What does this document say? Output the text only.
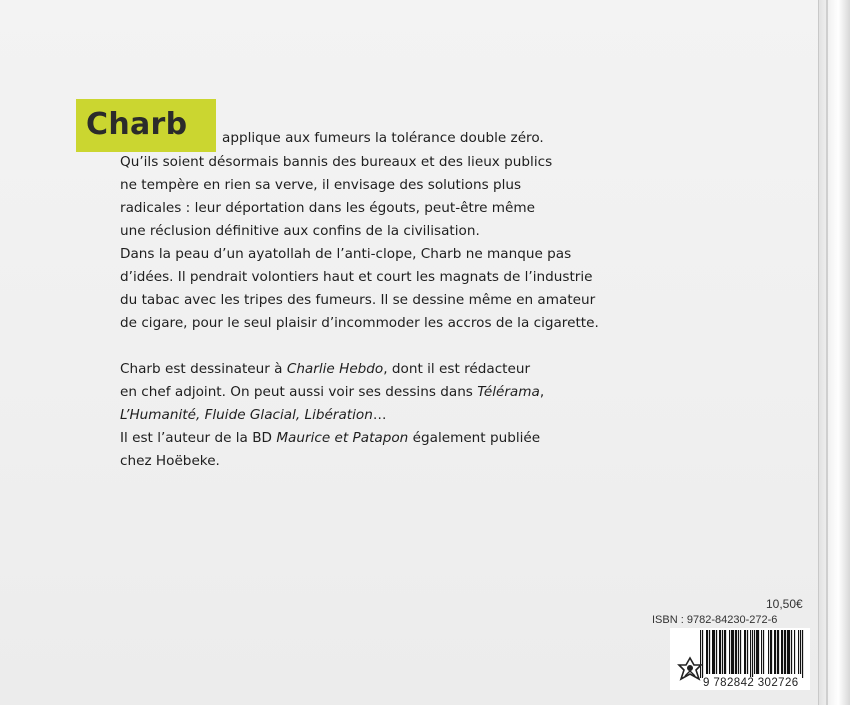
Charb	applique aux fumeurs la tolérance double zéro.
Qu’ils soient désormais bannis des bureaux et des lieux publics
ne tempère en rien sa verve, il envisage des solutions plus
radicales : leur déportation dans les égouts, peut-être même
une réclusion définitive aux confins de la civilisation.
Dans la peau d’un ayatollah de l’anti-clope, Charb ne manque pas
d’idées. Il pendrait volontiers haut et court les magnats de l’industrie
du tabac avec les tripes des fumeurs. Il se dessine même en amateur
de cigare, pour le seul plaisir d’incommoder les accros de la cigarette.
Charb est dessinateur à Charlie Hebdo, dont il est rédacteur
en chef adjoint. On peut aussi voir ses dessins dans Télérama,
L’Humanité, Fluide Glacial, Libération…
Il est l’auteur de la BD Maurice et Patapon également publiée
chez Hoëbeke.
10,50€
ISBN : 9782-84230-272-6
9 782842 302726
